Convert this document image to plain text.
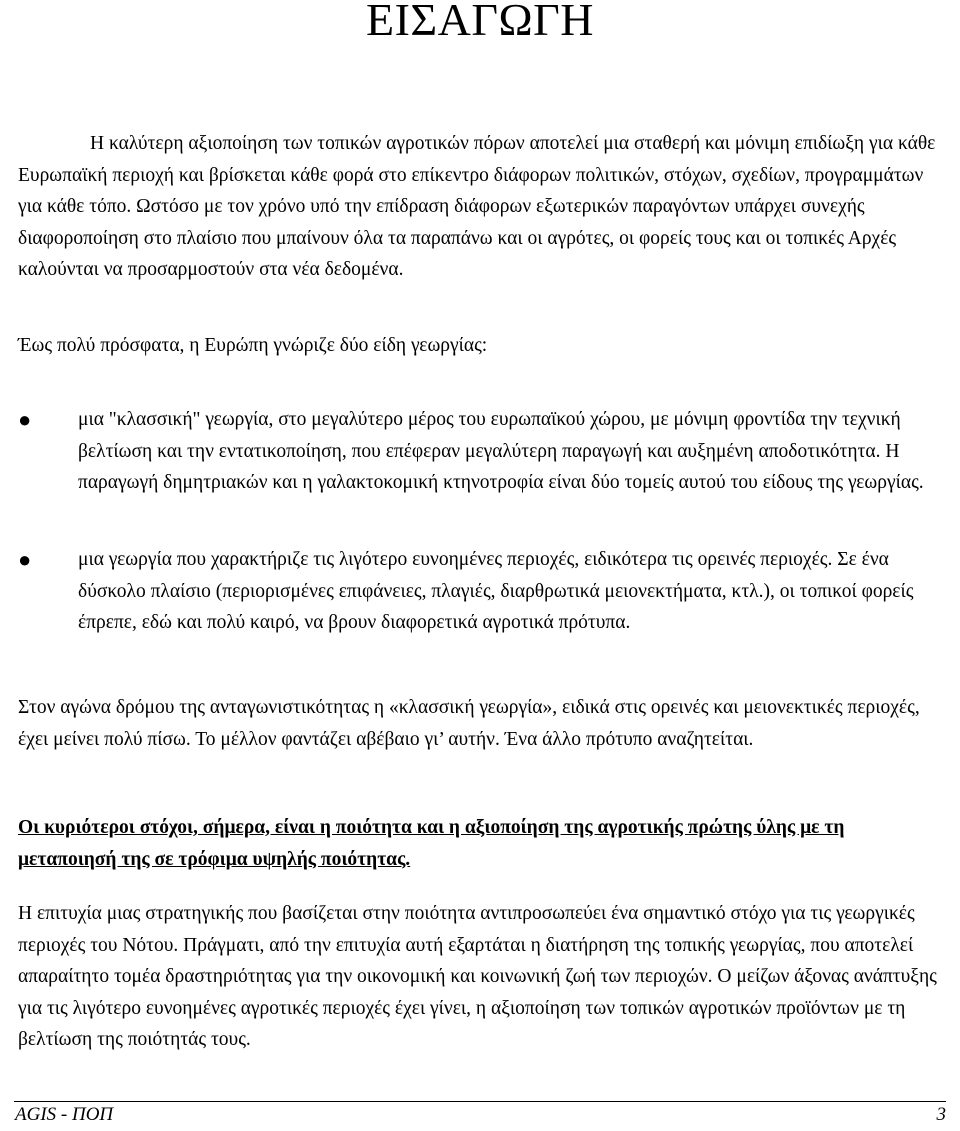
ΕΙΣΑΓΩΓΗ

Η καλύτερη αξιοποίηση των τοπικών αγροτικών πόρων αποτελεί μια σταθερή και μόνιμη επιδίωξη για κάθε Ευρωπαϊκή περιοχή και βρίσκεται κάθε φορά στο επίκεντρο διάφορων πολιτικών, στόχων, σχεδίων, προγραμμάτων για κάθε τόπο. Ωστόσο με τον χρόνο υπό την επίδραση διάφορων εξωτερικών παραγόντων υπάρχει συνεχής διαφοροποίηση στο πλαίσιο που μπαίνουν όλα τα παραπάνω και οι αγρότες, οι φορείς τους και οι τοπικές Αρχές καλούνται να προσαρμοστούν στα νέα δεδομένα.

Έως πολύ πρόσφατα, η Ευρώπη γνώριζε δύο είδη γεωργίας:

●	μια "κλασσική" γεωργία, στο μεγαλύτερο μέρος του ευρωπαϊκού χώρου, με μόνιμη φροντίδα την τεχνική βελτίωση και την εντατικοποίηση, που επέφεραν μεγαλύτερη παραγωγή και αυξημένη αποδοτικότητα. Η παραγωγή δημητριακών και η γαλακτοκομική κτηνοτροφία είναι δύο τομείς αυτού του είδους της γεωργίας.

●	μια γεωργία που χαρακτήριζε τις λιγότερο ευνοημένες περιοχές, ειδικότερα τις ορεινές περιοχές. Σε ένα δύσκολο πλαίσιο (περιορισμένες επιφάνειες, πλαγιές, διαρθρωτικά μειονεκτήματα, κτλ.), οι τοπικοί φορείς έπρεπε, εδώ και πολύ καιρό, να βρουν διαφορετικά αγροτικά πρότυπα.

Στον αγώνα δρόμου της ανταγωνιστικότητας η «κλασσική γεωργία», ειδικά στις ορεινές και μειονεκτικές περιοχές, έχει μείνει πολύ πίσω. Το μέλλον φαντάζει αβέβαιο γι’ αυτήν. Ένα άλλο πρότυπο αναζητείται.

Οι κυριότεροι στόχοι, σήμερα, είναι η ποιότητα και η αξιοποίηση της αγροτικής πρώτης ύλης με τη μεταποιησή της σε τρόφιμα υψηλής ποιότητας.

Η επιτυχία μιας στρατηγικής που βασίζεται στην ποιότητα αντιπροσωπεύει ένα σημαντικό στόχο για τις γεωργικές περιοχές του Νότου. Πράγματι, από την επιτυχία αυτή εξαρτάται η διατήρηση της τοπικής γεωργίας, που αποτελεί απαραίτητο τομέα δραστηριότητας για την οικονομική και κοινωνική ζωή των περιοχών. Ο μείζων άξονας ανάπτυξης για τις λιγότερο ευνοημένες αγροτικές περιοχές έχει γίνει, η αξιοποίηση των τοπικών αγροτικών προϊόντων με τη βελτίωση της ποιότητάς τους.

AGIS - ΠΟΠ	3
